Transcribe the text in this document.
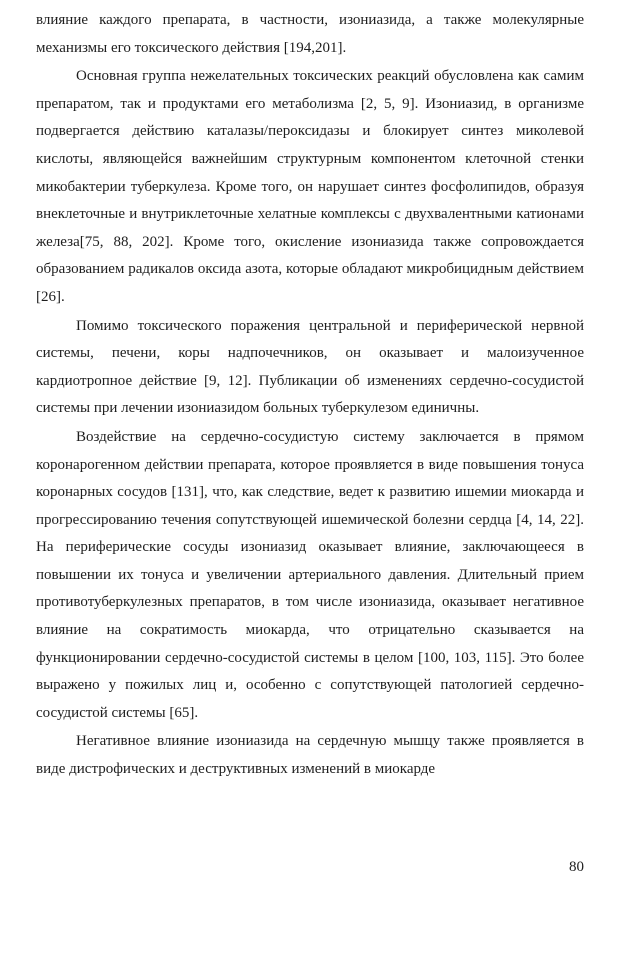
влияние каждого препарата, в частности, изониазида, а также молекулярные механизмы его токсического действия [194,201].

Основная группа нежелательных токсических реакций обусловлена как самим препаратом, так и продуктами его метаболизма [2, 5, 9]. Изониазид, в организме подвергается действию каталазы/пероксидазы и блокирует синтез миколевой кислоты, являющейся важнейшим структурным компонентом клеточной стенки микобактерии туберкулеза. Кроме того, он нарушает синтез фосфолипидов, образуя внеклеточные и внутриклеточные хелатные комплексы с двухвалентными катионами железа[75, 88, 202]. Кроме того, окисление изониазида также сопровождается образованием радикалов оксида азота, которые обладают микробицидным действием [26].

Помимо токсического поражения центральной и периферической нервной системы, печени, коры надпочечников, он оказывает и малоизученное кардиотропное действие [9, 12]. Публикации об изменениях сердечно-сосудистой системы при лечении изониазидом больных туберкулезом единичны.

Воздействие на сердечно-сосудистую систему заключается в прямом коронарогенном действии препарата, которое проявляется в виде повышения тонуса коронарных сосудов [131], что, как следствие, ведет к развитию ишемии миокарда и прогрессированию течения сопутствующей ишемической болезни сердца [4, 14, 22]. На периферические сосуды изониазид оказывает влияние, заключающееся в повышении их тонуса и увеличении артериального давления. Длительный прием противотуберкулезных препаратов, в том числе изониазида, оказывает негативное влияние на сократимость миокарда, что отрицательно сказывается на функционировании сердечно-сосудистой системы в целом [100, 103, 115]. Это более выражено у пожилых лиц и, особенно с сопутствующей патологией сердечно-сосудистой системы [65].

Негативное влияние изониазида на сердечную мышцу также проявляется в виде дистрофических и деструктивных изменений в миокарде

80
